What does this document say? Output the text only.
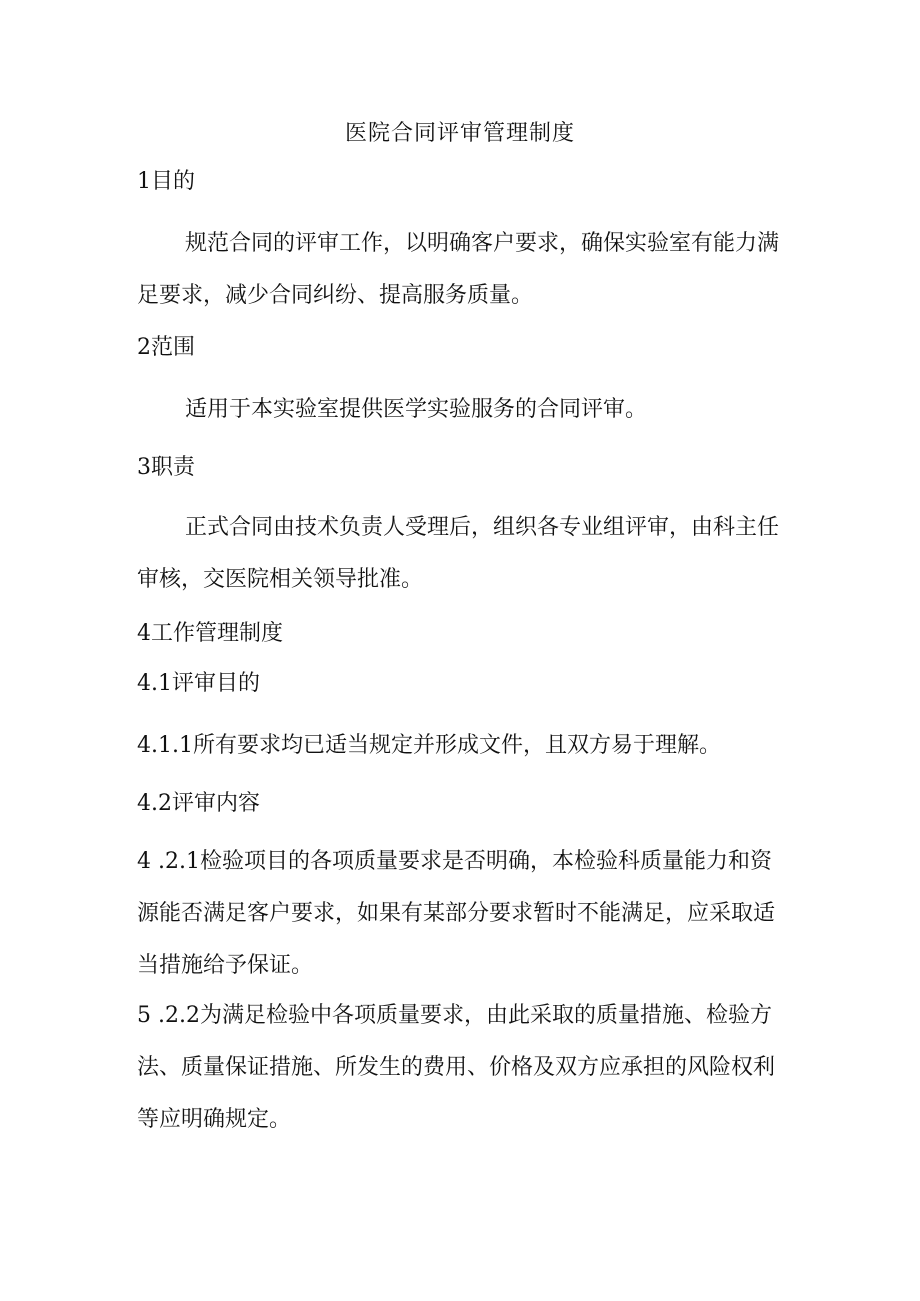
医院合同评审管理制度
1目的
规范合同的评审工作，以明确客户要求，确保实验室有能力满足要求，减少合同纠纷、提高服务质量。
2范围
适用于本实验室提供医学实验服务的合同评审。
3职责
正式合同由技术负责人受理后，组织各专业组评审，由科主任审核，交医院相关领导批准。
4工作管理制度
4.1评审目的
4.1.1所有要求均已适当规定并形成文件，且双方易于理解。
4.2评审内容
4 .2.1检验项目的各项质量要求是否明确，本检验科质量能力和资源能否满足客户要求，如果有某部分要求暂时不能满足，应采取适当措施给予保证。
5 .2.2为满足检验中各项质量要求，由此采取的质量措施、检验方法、质量保证措施、所发生的费用、价格及双方应承担的风险权利等应明确规定。
